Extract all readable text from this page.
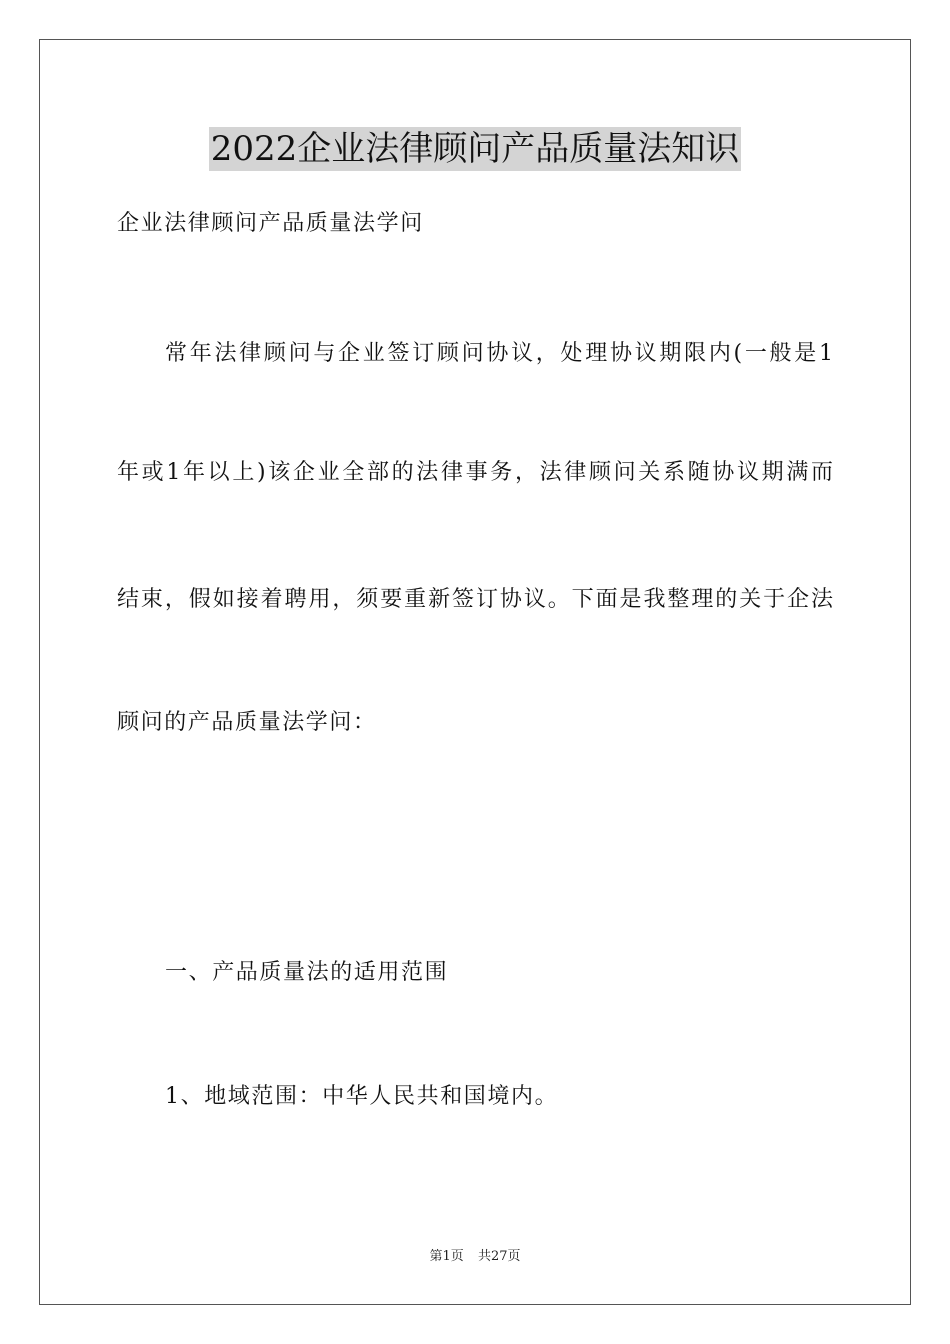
2022企业法律顾问产品质量法知识
企业法律顾问产品质量法学问
常年法律顾问与企业签订顾问协议，处理协议期限内(一般是1
年或1年以上)该企业全部的法律事务，法律顾问关系随协议期满而
结束，假如接着聘用，须要重新签订协议。下面是我整理的关于企法
顾问的产品质量法学问：
一、产品质量法的适用范围
1、地域范围：中华人民共和国境内。
第1页 共27页
